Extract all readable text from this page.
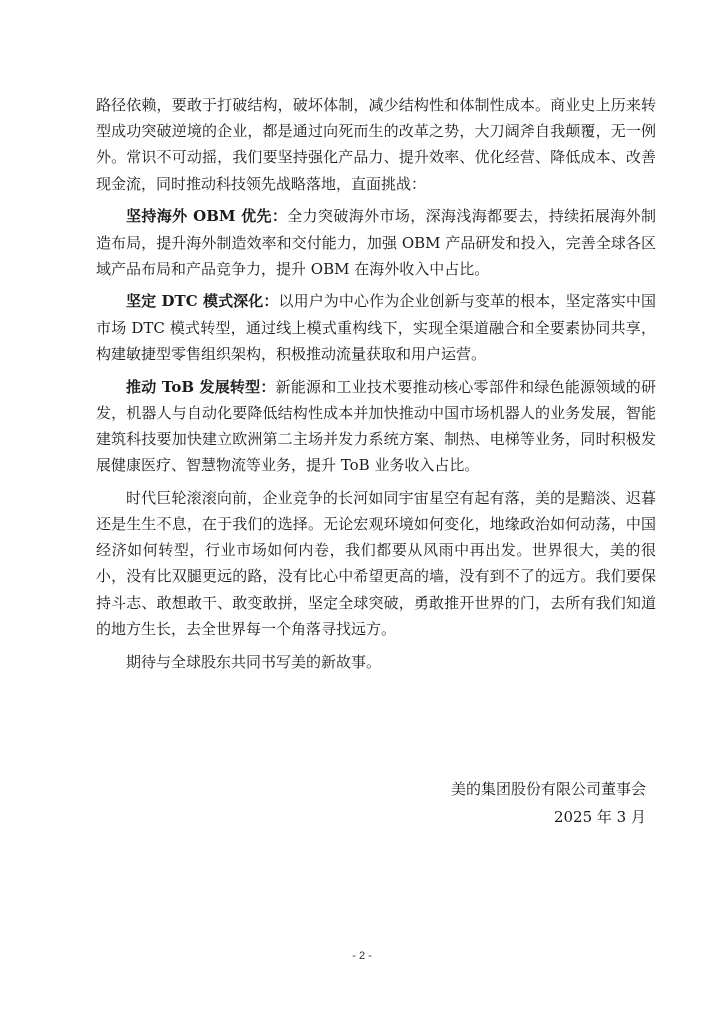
路径依赖，要敢于打破结构，破坏体制，减少结构性和体制性成本。商业史上历来转型成功突破逆境的企业，都是通过向死而生的改革之势，大刀阔斧自我颠覆，无一例外。常识不可动摇，我们要坚持强化产品力、提升效率、优化经营、降低成本、改善现金流，同时推动科技领先战略落地，直面挑战：

坚持海外 OBM 优先：全力突破海外市场，深海浅海都要去，持续拓展海外制造布局，提升海外制造效率和交付能力，加强 OBM 产品研发和投入，完善全球各区域产品布局和产品竞争力，提升 OBM 在海外收入中占比。

坚定 DTC 模式深化：以用户为中心作为企业创新与变革的根本，坚定落实中国市场 DTC 模式转型，通过线上模式重构线下，实现全渠道融合和全要素协同共享，构建敏捷型零售组织架构，积极推动流量获取和用户运营。

推动 ToB 发展转型：新能源和工业技术要推动核心零部件和绿色能源领域的研发，机器人与自动化要降低结构性成本并加快推动中国市场机器人的业务发展，智能建筑科技要加快建立欧洲第二主场并发力系统方案、制热、电梯等业务，同时积极发展健康医疗、智慧物流等业务，提升 ToB 业务收入占比。

时代巨轮滚滚向前，企业竞争的长河如同宇宙星空有起有落，美的是黯淡、迟暮还是生生不息，在于我们的选择。无论宏观环境如何变化，地缘政治如何动荡，中国经济如何转型，行业市场如何内卷，我们都要从风雨中再出发。世界很大，美的很小，没有比双腿更远的路，没有比心中希望更高的墙，没有到不了的远方。我们要保持斗志、敢想敢干、敢变敢拼，坚定全球突破，勇敢推开世界的门，去所有我们知道的地方生长，去全世界每一个角落寻找远方。

期待与全球股东共同书写美的新故事。

美的集团股份有限公司董事会
2025 年 3 月
- 2 -
